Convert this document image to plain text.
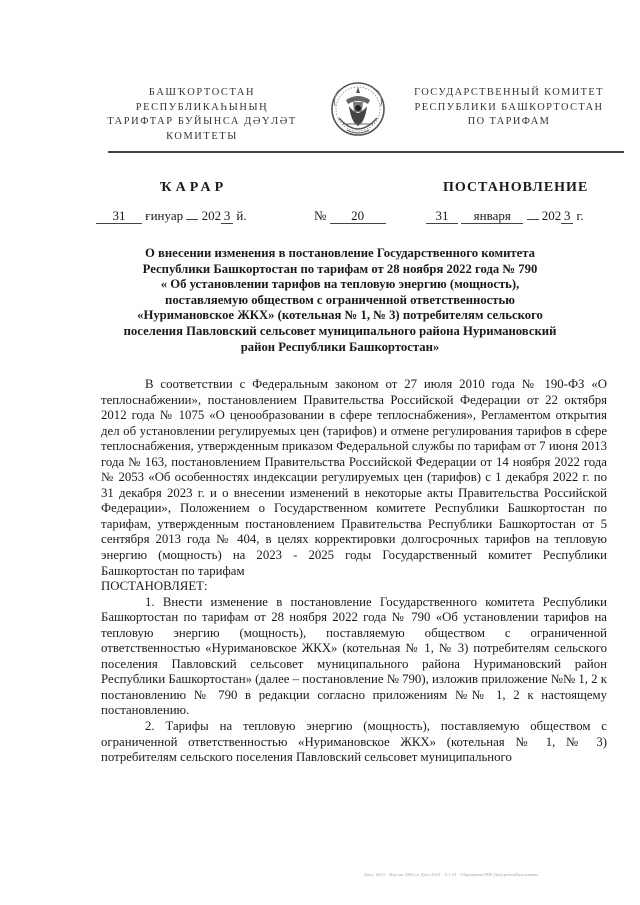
БАШҠОРТОСТАН РЕСПУБЛИКАҺЫНЫҢ
ТАРИФТАР БУЙЫНСА ДӘҮЛӘТ
КОМИТЕТЫ
ГОСУДАРСТВЕННЫЙ КОМИТЕТ
РЕСПУБЛИКИ БАШКОРТОСТАН
ПО ТАРИФАМ
ҠАРАР	ПОСТАНОВЛЕНИЕ
31 ғинуар 202 3 й.	№ 20	31 января 202 3 г.
О внесении изменения в постановление Государственного комитета
Республики Башкортостан по тарифам от 28 ноября 2022 года № 790
« Об установлении тарифов на тепловую энергию (мощность),
поставляемую обществом с ограниченной ответственностью
«Нуримановское ЖКХ» (котельная № 1, № 3) потребителям сельского
поселения Павловский сельсовет муниципального района Нуримановский
район Республики Башкортостан»

В соответствии с Федеральным законом от 27 июля 2010 года № 190-ФЗ «О теплоснабжении», постановлением Правительства Российской Федерации от 22 октября 2012 года № 1075 «О ценообразовании в сфере теплоснабжения», Регламентом открытия дел об установлении регулируемых цен (тарифов) и отмене регулирования тарифов в сфере теплоснабжения, утвержденным приказом Федеральной службы по тарифам от 7 июня 2013 года № 163, постановлением Правительства Российской Федерации от 14 ноября 2022 года № 2053 «Об особенностях индексации регулируемых цен (тарифов) с 1 декабря 2022 г. по 31 декабря 2023 г. и о внесении изменений в некоторые акты Правительства Российской Федерации», Положением о Государственном комитете Республики Башкортостан по тарифам, утвержденным постановлением Правительства Республики Башкортостан от 5 сентября 2013 года № 404, в целях корректировки долгосрочных тарифов на тепловую энергию (мощность) на 2023 - 2025 годы Государственный комитет Республики Башкортостан по тарифам

ПОСТАНОВЛЯЕТ:

1. Внести изменение в постановление Государственного комитета Республики Башкортостан по тарифам от 28 ноября 2022 года № 790 «Об установлении тарифов на тепловую энергию (мощность), поставляемую обществом с ограниченной ответственностью «Нуримановское ЖКХ» (котельная № 1, № 3) потребителям сельского поселения Павловский сельсовет муниципального района Нуримановский район Республики Башкортостан» (далее – постановление № 790), изложив приложение №№ 1, 2 к постановлению № 790 в редакции согласно приложениям №№ 1, 2 к настоящему постановлению.

2. Тарифы на тепловую энергию (мощность), поставляемую обществом с ограниченной ответственностью «Нуримановское ЖКХ» (котельная № 1, № 3) потребителям сельского поселения Павловский сельсовет муниципального

Дата: 2023 · Версия 2060 от Дата 2023 · 0.1.25 · Обращение/PDF/ДокументаПрограммы
